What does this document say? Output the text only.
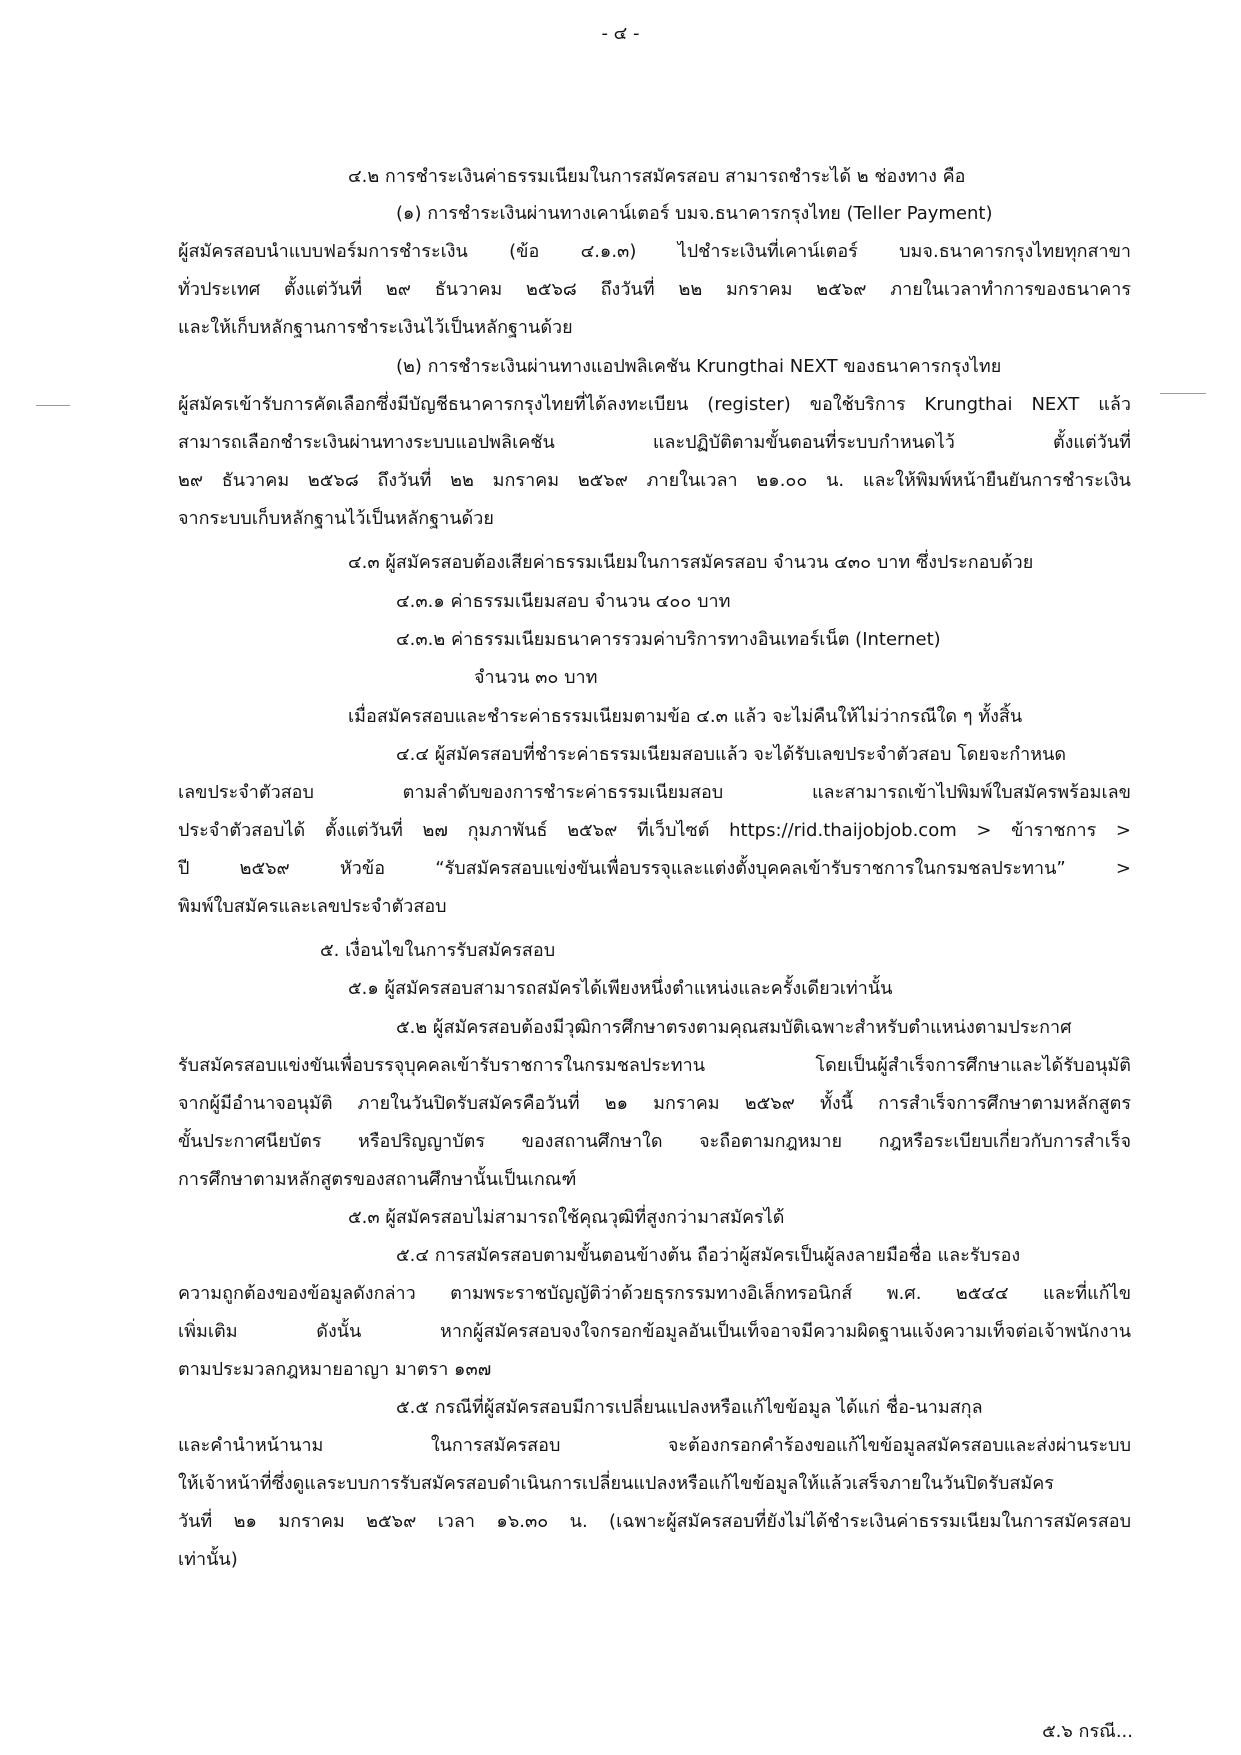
- ๔ -
๔.๒ การชำระเงินค่าธรรมเนียมในการสมัครสอบ สามารถชำระได้ ๒ ช่องทาง คือ
(๑) การชำระเงินผ่านทางเคาน์เตอร์ บมจ.ธนาคารกรุงไทย (Teller Payment)
ผู้สมัครสอบนำแบบฟอร์มการชำระเงิน (ข้อ ๔.๑.๓) ไปชำระเงินที่เคาน์เตอร์ บมจ.ธนาคารกรุงไทยทุกสาขา
ทั่วประเทศ ตั้งแต่วันที่ ๒๙ ธันวาคม ๒๕๖๘ ถึงวันที่ ๒๒ มกราคม ๒๕๖๙ ภายในเวลาทำการของธนาคาร
และให้เก็บหลักฐานการชำระเงินไว้เป็นหลักฐานด้วย
(๒) การชำระเงินผ่านทางแอปพลิเคชัน Krungthai NEXT ของธนาคารกรุงไทย
ผู้สมัครเข้ารับการคัดเลือกซึ่งมีบัญชีธนาคารกรุงไทยที่ได้ลงทะเบียน (register) ขอใช้บริการ Krungthai NEXT แล้ว
สามารถเลือกชำระเงินผ่านทางระบบแอปพลิเคชัน และปฏิบัติตามขั้นตอนที่ระบบกำหนดไว้ ตั้งแต่วันที่
๒๙ ธันวาคม ๒๕๖๘ ถึงวันที่ ๒๒ มกราคม ๒๕๖๙ ภายในเวลา ๒๑.๐๐ น. และให้พิมพ์หน้ายืนยันการชำระเงิน
จากระบบเก็บหลักฐานไว้เป็นหลักฐานด้วย
๔.๓ ผู้สมัครสอบต้องเสียค่าธรรมเนียมในการสมัครสอบ จำนวน ๔๓๐ บาท ซึ่งประกอบด้วย
๔.๓.๑ ค่าธรรมเนียมสอบ จำนวน ๔๐๐ บาท
๔.๓.๒ ค่าธรรมเนียมธนาคารรวมค่าบริการทางอินเทอร์เน็ต (Internet)
จำนวน ๓๐ บาท
เมื่อสมัครสอบและชำระค่าธรรมเนียมตามข้อ ๔.๓ แล้ว จะไม่คืนให้ไม่ว่ากรณีใด ๆ ทั้งสิ้น
๔.๔ ผู้สมัครสอบที่ชำระค่าธรรมเนียมสอบแล้ว จะได้รับเลขประจำตัวสอบ โดยจะกำหนด
เลขประจำตัวสอบ ตามลำดับของการชำระค่าธรรมเนียมสอบ และสามารถเข้าไปพิมพ์ใบสมัครพร้อมเลข
ประจำตัวสอบได้ ตั้งแต่วันที่ ๒๗ กุมภาพันธ์ ๒๕๖๙ ที่เว็บไซต์ https://rid.thaijobjob.com > ข้าราชการ >
ปี ๒๕๖๙ หัวข้อ “รับสมัครสอบแข่งขันเพื่อบรรจุและแต่งตั้งบุคคลเข้ารับราชการในกรมชลประทาน” >
พิมพ์ใบสมัครและเลขประจำตัวสอบ
๕. เงื่อนไขในการรับสมัครสอบ
๕.๑ ผู้สมัครสอบสามารถสมัครได้เพียงหนึ่งตำแหน่งและครั้งเดียวเท่านั้น
๕.๒ ผู้สมัครสอบต้องมีวุฒิการศึกษาตรงตามคุณสมบัติเฉพาะสำหรับตำแหน่งตามประกาศ
รับสมัครสอบแข่งขันเพื่อบรรจุบุคคลเข้ารับราชการในกรมชลประทาน โดยเป็นผู้สำเร็จการศึกษาและได้รับอนุมัติ
จากผู้มีอำนาจอนุมัติ ภายในวันปิดรับสมัครคือวันที่ ๒๑ มกราคม ๒๕๖๙ ทั้งนี้ การสำเร็จการศึกษาตามหลักสูตร
ขั้นประกาศนียบัตร หรือปริญญาบัตร ของสถานศึกษาใด จะถือตามกฎหมาย กฎหรือระเบียบเกี่ยวกับการสำเร็จ
การศึกษาตามหลักสูตรของสถานศึกษานั้นเป็นเกณฑ์
๕.๓ ผู้สมัครสอบไม่สามารถใช้คุณวุฒิที่สูงกว่ามาสมัครได้
๕.๔ การสมัครสอบตามขั้นตอนข้างต้น ถือว่าผู้สมัครเป็นผู้ลงลายมือชื่อ และรับรอง
ความถูกต้องของข้อมูลดังกล่าว ตามพระราชบัญญัติว่าด้วยธุรกรรมทางอิเล็กทรอนิกส์ พ.ศ. ๒๕๔๔ และที่แก้ไข
เพิ่มเติม ดังนั้น หากผู้สมัครสอบจงใจกรอกข้อมูลอันเป็นเท็จอาจมีความผิดฐานแจ้งความเท็จต่อเจ้าพนักงาน
ตามประมวลกฎหมายอาญา มาตรา ๑๓๗
๕.๕ กรณีที่ผู้สมัครสอบมีการเปลี่ยนแปลงหรือแก้ไขข้อมูล ได้แก่ ชื่อ-นามสกุล
และคำนำหน้านาม ในการสมัครสอบ จะต้องกรอกคำร้องขอแก้ไขข้อมูลสมัครสอบและส่งผ่านระบบ
ให้เจ้าหน้าที่ซึ่งดูแลระบบการรับสมัครสอบดำเนินการเปลี่ยนแปลงหรือแก้ไขข้อมูลให้แล้วเสร็จภายในวันปิดรับสมัคร
วันที่ ๒๑ มกราคม ๒๕๖๙ เวลา ๑๖.๓๐ น. (เฉพาะผู้สมัครสอบที่ยังไม่ได้ชำระเงินค่าธรรมเนียมในการสมัครสอบ
เท่านั้น)
๕.๖ กรณี...
